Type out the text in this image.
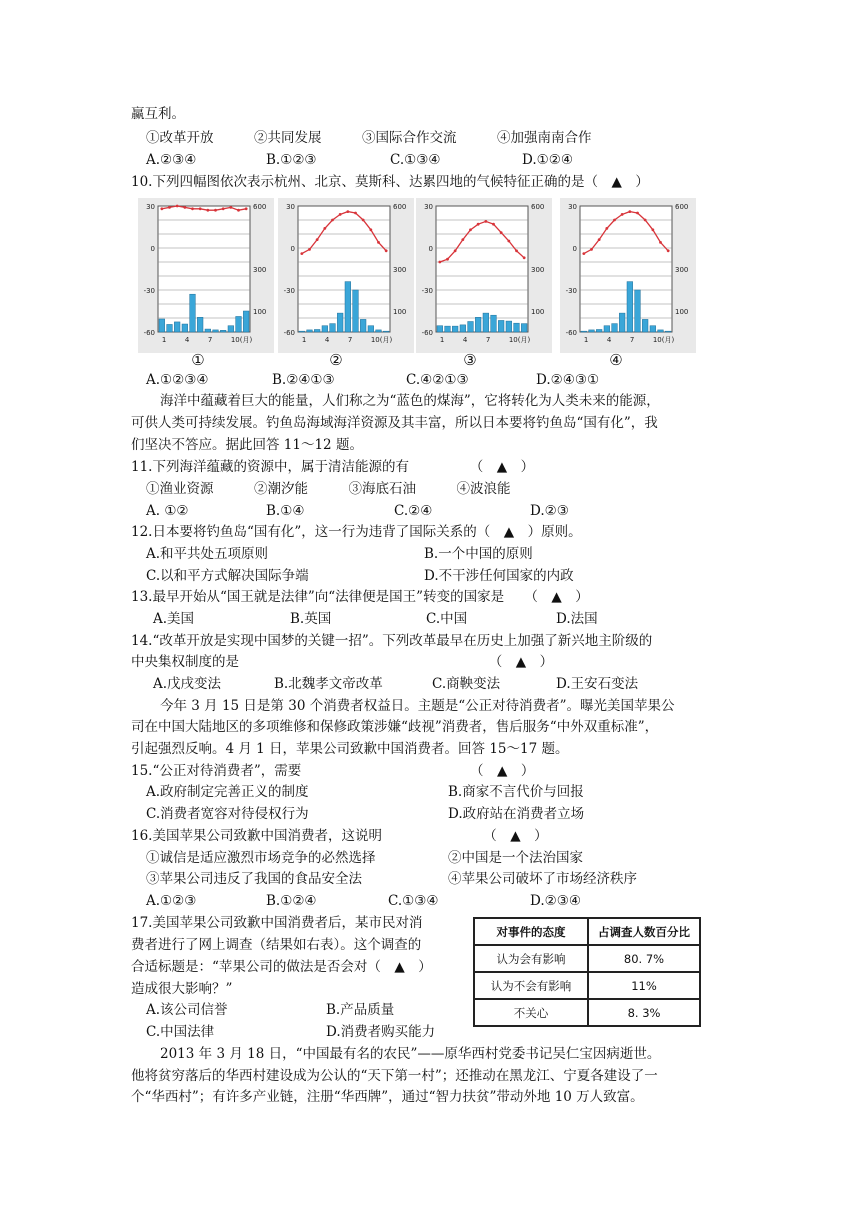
赢互利。
①改革开放　　　②共同发展　　　③国际合作交流　　　④加强南南合作
A.②③④	B.①②③	C.①③④	D.①②④
10.下列四幅图依次表示杭州、北京、莫斯科、达累四地的气候特征正确的是（　▲　）
30
0
-30
-60
600
300
100
1	4	7	10(月)
30
0
-30
-60
600
300
100
1	4	7	10(月)
30
0
-30
-60
600
300
100
1	4	7	10(月)
30
0
-30
-60
600
300
100
1	4	7	10(月)
①	②	③	④
A.①②③④	B.②④①③	C.④②①③	D.②④③①
海洋中蕴藏着巨大的能量，人们称之为“蓝色的煤海”，它将转化为人类未来的能源，
可供人类可持续发展。钓鱼岛海域海洋资源及其丰富，所以日本要将钓鱼岛“国有化”，我
们坚决不答应。据此回答 11～12 题。
11.下列海洋蕴藏的资源中，属于清洁能源的有　　　　　（　▲　）
①渔业资源　　　②潮汐能　　　③海底石油　　　④波浪能
A. ①②	B.①④	C.②④	D.②③
12.日本要将钓鱼岛“国有化”，这一行为违背了国际关系的（　▲　）原则。
A.和平共处五项原则	B.一个中国的原则
C.以和平方式解决国际争端	D.不干涉任何国家的内政
13.最早开始从“国王就是法律”向“法律便是国王”转变的国家是　　（　▲　）
A.美国	B.英国	C.中国	D.法国
14.“改革开放是实现中国梦的关键一招”。下列改革最早在历史上加强了新兴地主阶级的
中央集权制度的是　　　　　　　　　　　　　　　　　　　（　▲　）
A.戊戌变法	B.北魏孝文帝改革	C.商鞅变法	D.王安石变法
今年 3 月 15 日是第 30 个消费者权益日。主题是“公正对待消费者”。曝光美国苹果公
司在中国大陆地区的多项维修和保修政策涉嫌“歧视”消费者，售后服务“中外双重标准”，
引起强烈反响。4 月 1 日，苹果公司致歉中国消费者。回答 15～17 题。
15.“公正对待消费者”，需要　　　　　　　　　　　　　（　▲　）
A.政府制定完善正义的制度	B.商家不言代价与回报
C.消费者宽容对待侵权行为	D.政府站在消费者立场
16.美国苹果公司致歉中国消费者，这说明　　　　　　　　（　▲　）
①诚信是适应激烈市场竞争的必然选择	②中国是一个法治国家
③苹果公司违反了我国的食品安全法	④苹果公司破坏了市场经济秩序
A.①②③	B.①②④	C.①③④	D.②③④
17.美国苹果公司致歉中国消费者后，某市民对消
费者进行了网上调查（结果如右表）。这个调查的
合适标题是：“苹果公司的做法是否会对（　▲　）
造成很大影响？”
A.该公司信誉	B.产品质量
C.中国法律	D.消费者购买能力
对事件的态度	占调查人数百分比
认为会有影响	80. 7%
认为不会有影响	11%
不关心	8. 3%
2013 年 3 月 18 日，“中国最有名的农民”——原华西村党委书记吴仁宝因病逝世。
他将贫穷落后的华西村建设成为公认的“天下第一村”；还推动在黑龙江、宁夏各建设了一
个“华西村”；有许多产业链，注册“华西牌”，通过“智力扶贫”带动外地 10 万人致富。
